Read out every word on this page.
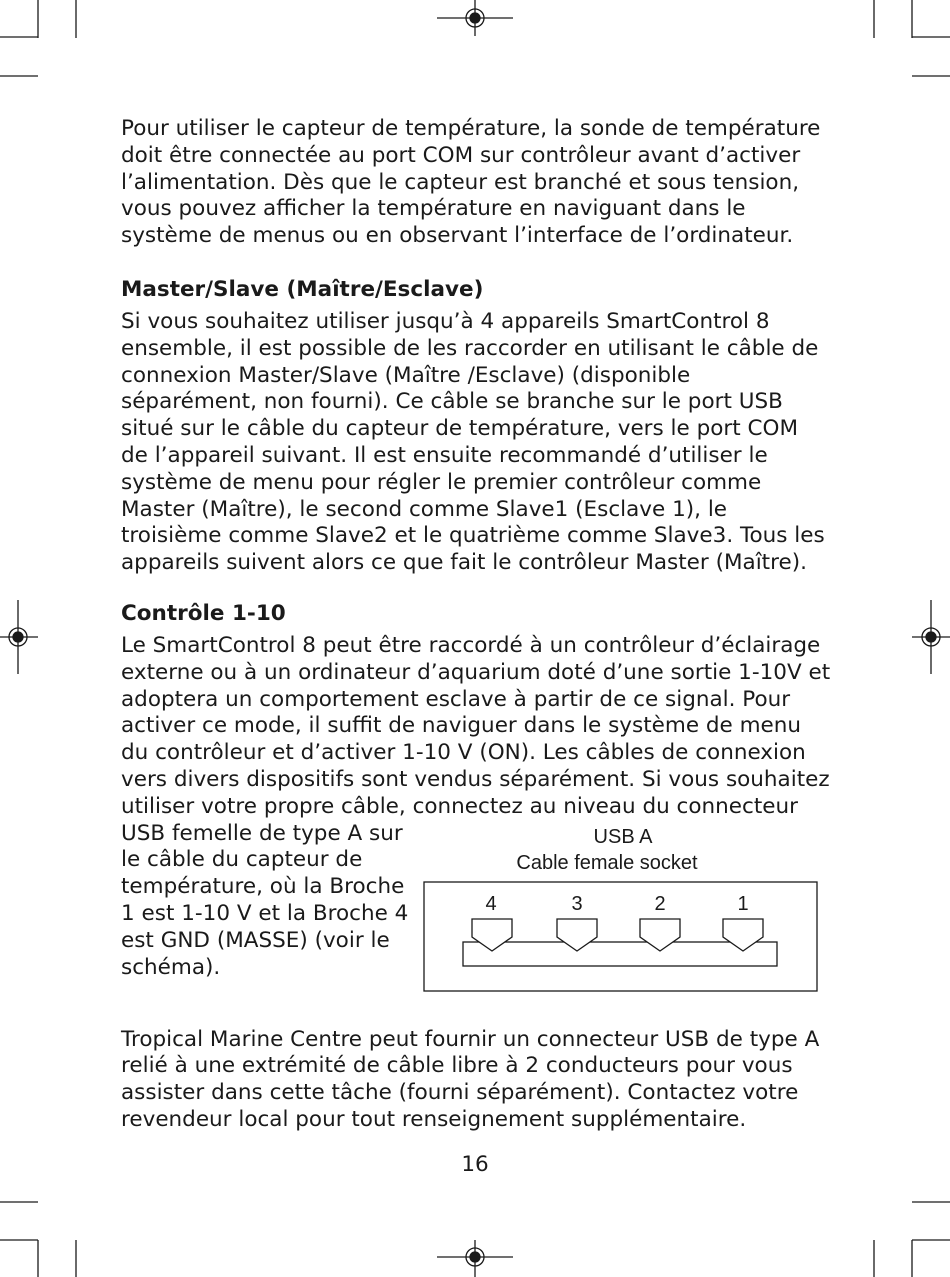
Pour utiliser le capteur de température, la sonde de température doit être connectée au port COM sur contrôleur avant d’activer l’alimentation. Dès que le capteur est branché et sous tension, vous pouvez afficher la température en naviguant dans le système de menus ou en observant l’interface de l’ordinateur.

Master/Slave (Maître/Esclave)

Si vous souhaitez utiliser jusqu’à 4 appareils SmartControl 8 ensemble, il est possible de les raccorder en utilisant le câble de connexion Master/Slave (Maître /Esclave) (disponible séparément, non fourni). Ce câble se branche sur le port USB situé sur le câble du capteur de température, vers le port COM de l’appareil suivant. Il est ensuite recommandé d’utiliser le système de menu pour régler le premier contrôleur comme Master (Maître), le second comme Slave1 (Esclave 1), le troisième comme Slave2 et le quatrième comme Slave3. Tous les appareils suivent alors ce que fait le contrôleur Master (Maître).

Contrôle 1-10

Le SmartControl 8 peut être raccordé à un contrôleur d’éclairage externe ou à un ordinateur d’aquarium doté d’une sortie 1-10V et adoptera un comportement esclave à partir de ce signal. Pour activer ce mode, il suffit de naviguer dans le système de menu du contrôleur et d’activer 1-10 V (ON). Les câbles de connexion vers divers dispositifs sont vendus séparément. Si vous souhaitez utiliser votre propre câble, connectez au niveau du connecteur

USB femelle de type A sur le câble du capteur de température, où la Broche 1 est 1-10 V et la Broche 4 est GND (MASSE) (voir le schéma).

USB A
Cable female socket
4	3	2	1

Tropical Marine Centre peut fournir un connecteur USB de type A relié à une extrémité de câble libre à 2 conducteurs pour vous assister dans cette tâche (fourni séparément). Contactez votre revendeur local pour tout renseignement supplémentaire.

16
